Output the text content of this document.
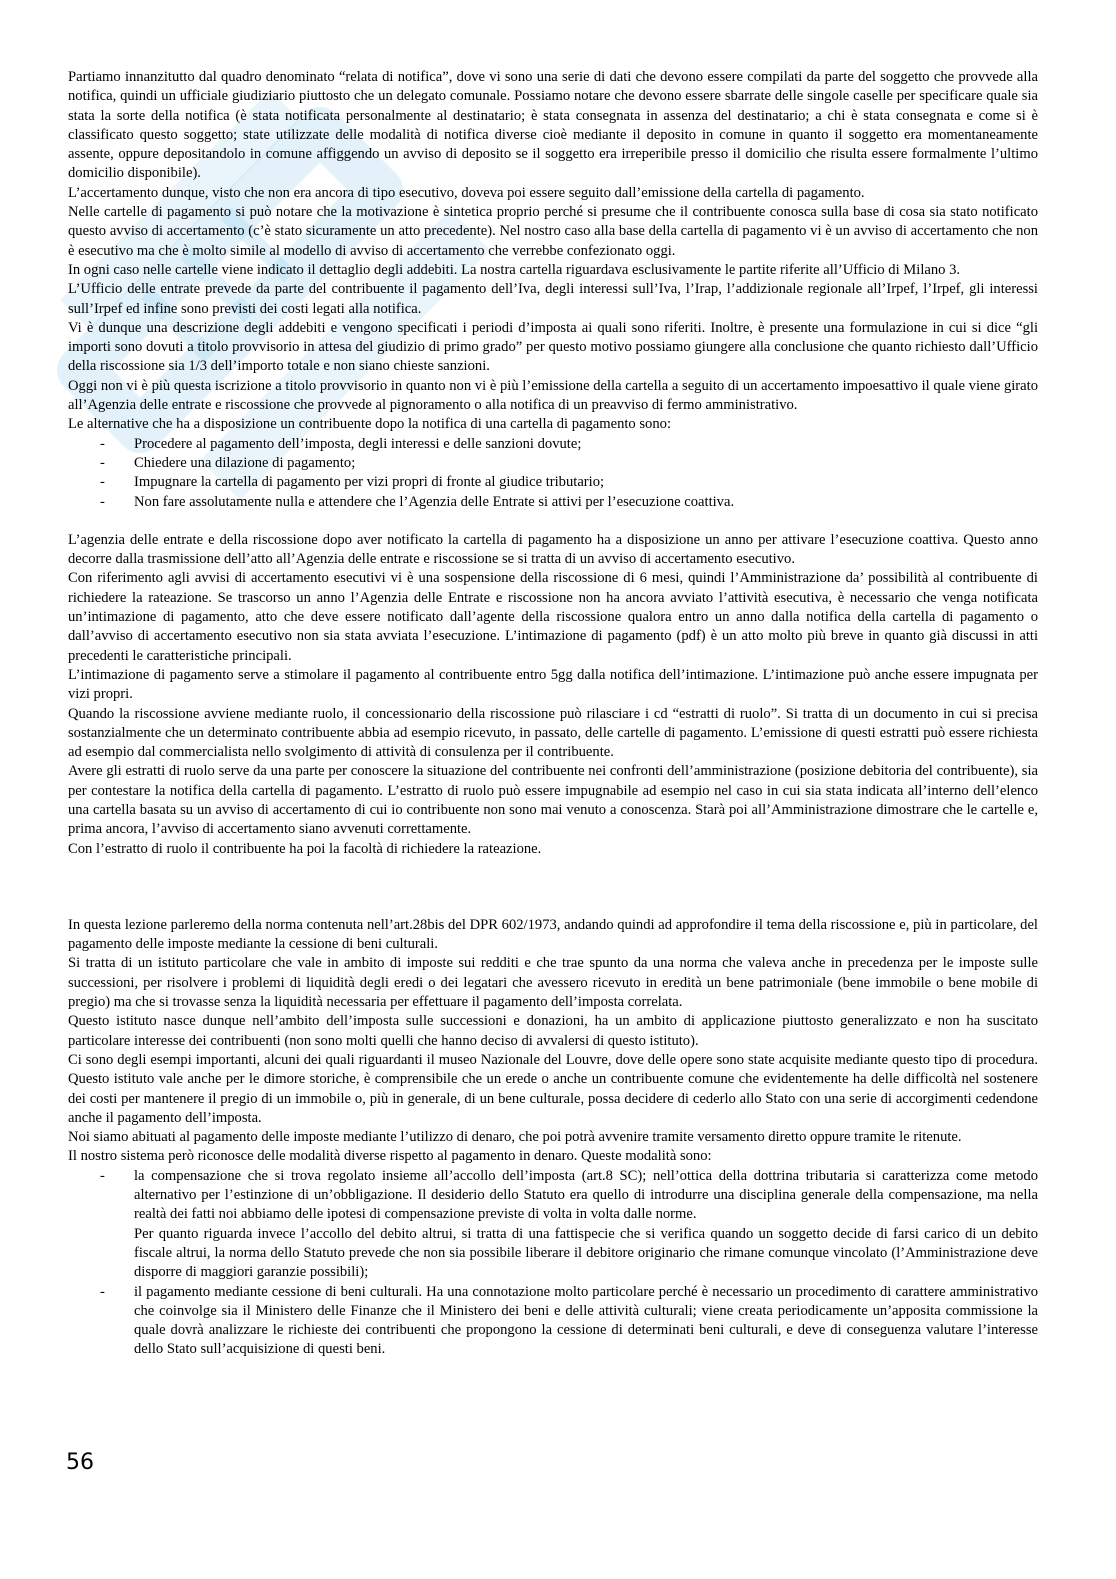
Partiamo innanzitutto dal quadro denominato “relata di notifica”, dove vi sono una serie di dati che devono essere compilati da parte del soggetto che provvede alla notifica, quindi un ufficiale giudiziario piuttosto che un delegato comunale. Possiamo notare che devono essere sbarrate delle singole caselle per specificare quale sia stata la sorte della notifica (è stata notificata personalmente al destinatario; è stata consegnata in assenza del destinatario; a chi è stata consegnata e come si è classificato questo soggetto; state utilizzate delle modalità di notifica diverse cioè mediante il deposito in comune in quanto il soggetto era momentaneamente assente, oppure depositandolo in comune affiggendo un avviso di deposito se il soggetto era irreperibile presso il domicilio che risulta essere formalmente l’ultimo domicilio disponibile).

L’accertamento dunque, visto che non era ancora di tipo esecutivo, doveva poi essere seguito dall’emissione della cartella di pagamento.

Nelle cartelle di pagamento si può notare che la motivazione è sintetica proprio perché si presume che il contribuente conosca sulla base di cosa sia stato notificato questo avviso di accertamento (c’è stato sicuramente un atto precedente). Nel nostro caso alla base della cartella di pagamento vi è un avviso di accertamento che non è esecutivo ma che è molto simile al modello di avviso di accertamento che verrebbe confezionato oggi.

In ogni caso nelle cartelle viene indicato il dettaglio degli addebiti. La nostra cartella riguardava esclusivamente le partite riferite all’Ufficio di Milano 3.

L’Ufficio delle entrate prevede da parte del contribuente il pagamento dell’Iva, degli interessi sull’Iva, l’Irap, l’addizionale regionale all’Irpef, l’Irpef, gli interessi sull’Irpef ed infine sono previsti dei costi legati alla notifica.

Vi è dunque una descrizione degli addebiti e vengono specificati i periodi d’imposta ai quali sono riferiti. Inoltre, è presente una formulazione in cui si dice “gli importi sono dovuti a titolo provvisorio in attesa del giudizio di primo grado” per questo motivo possiamo giungere alla conclusione che quanto richiesto dall’Ufficio della riscossione sia 1/3 dell’importo totale e non siano chieste sanzioni.

Oggi non vi è più questa iscrizione a titolo provvisorio in quanto non vi è più l’emissione della cartella a seguito di un accertamento impoesattivo il quale viene girato all’Agenzia delle entrate e riscossione che provvede al pignoramento o alla notifica di un preavviso di fermo amministrativo.

Le alternative che ha a disposizione un contribuente dopo la notifica di una cartella di pagamento sono:

- Procedere al pagamento dell’imposta, degli interessi e delle sanzioni dovute;
- Chiedere una dilazione di pagamento;
- Impugnare la cartella di pagamento per vizi propri di fronte al giudice tributario;
- Non fare assolutamente nulla e attendere che l’Agenzia delle Entrate si attivi per l’esecuzione coattiva.

L’agenzia delle entrate e della riscossione dopo aver notificato la cartella di pagamento ha a disposizione un anno per attivare l’esecuzione coattiva. Questo anno decorre dalla trasmissione dell’atto all’Agenzia delle entrate e riscossione se si tratta di un avviso di accertamento esecutivo.

Con riferimento agli avvisi di accertamento esecutivi vi è una sospensione della riscossione di 6 mesi, quindi l’Amministrazione da’ possibilità al contribuente di richiedere la rateazione. Se trascorso un anno l’Agenzia delle Entrate e riscossione non ha ancora avviato l’attività esecutiva, è necessario che venga notificata un’intimazione di pagamento, atto che deve essere notificato dall’agente della riscossione qualora entro un anno dalla notifica della cartella di pagamento o dall’avviso di accertamento esecutivo non sia stata avviata l’esecuzione. L’intimazione di pagamento (pdf) è un atto molto più breve in quanto già discussi in atti precedenti le caratteristiche principali.

L’intimazione di pagamento serve a stimolare il pagamento al contribuente entro 5gg dalla notifica dell’intimazione. L’intimazione può anche essere impugnata per vizi propri.

Quando la riscossione avviene mediante ruolo, il concessionario della riscossione può rilasciare i cd “estratti di ruolo”. Si tratta di un documento in cui si precisa sostanzialmente che un determinato contribuente abbia ad esempio ricevuto, in passato, delle cartelle di pagamento. L’emissione di questi estratti può essere richiesta ad esempio dal commercialista nello svolgimento di attività di consulenza per il contribuente.

Avere gli estratti di ruolo serve da una parte per conoscere la situazione del contribuente nei confronti dell’amministrazione (posizione debitoria del contribuente), sia per contestare la notifica della cartella di pagamento. L’estratto di ruolo può essere impugnabile ad esempio nel caso in cui sia stata indicata all’interno dell’elenco una cartella basata su un avviso di accertamento di cui io contribuente non sono mai venuto a conoscenza. Starà poi all’Amministrazione dimostrare che le cartelle e, prima ancora, l’avviso di accertamento siano avvenuti correttamente.

Con l’estratto di ruolo il contribuente ha poi la facoltà di richiedere la rateazione.

In questa lezione parleremo della norma contenuta nell’art.28bis del DPR 602/1973, andando quindi ad approfondire il tema della riscossione e, più in particolare, del pagamento delle imposte mediante la cessione di beni culturali.

Si tratta di un istituto particolare che vale in ambito di imposte sui redditi e che trae spunto da una norma che valeva anche in precedenza per le imposte sulle successioni, per risolvere i problemi di liquidità degli eredi o dei legatari che avessero ricevuto in eredità un bene patrimoniale (bene immobile o bene mobile di pregio) ma che si trovasse senza la liquidità necessaria per effettuare il pagamento dell’imposta correlata.

Questo istituto nasce dunque nell’ambito dell’imposta sulle successioni e donazioni, ha un ambito di applicazione piuttosto generalizzato e non ha suscitato particolare interesse dei contribuenti (non sono molti quelli che hanno deciso di avvalersi di questo istituto).

Ci sono degli esempi importanti, alcuni dei quali riguardanti il museo Nazionale del Louvre, dove delle opere sono state acquisite mediante questo tipo di procedura. Questo istituto vale anche per le dimore storiche, è comprensibile che un erede o anche un contribuente comune che evidentemente ha delle difficoltà nel sostenere dei costi per mantenere il pregio di un immobile o, più in generale, di un bene culturale, possa decidere di cederlo allo Stato con una serie di accorgimenti cedendone anche il pagamento dell’imposta.

Noi siamo abituati al pagamento delle imposte mediante l’utilizzo di denaro, che poi potrà avvenire tramite versamento diretto oppure tramite le ritenute.

Il nostro sistema però riconosce delle modalità diverse rispetto al pagamento in denaro. Queste modalità sono:

- la compensazione che si trova regolato insieme all’accollo dell’imposta (art.8 SC); nell’ottica della dottrina tributaria si caratterizza come metodo alternativo per l’estinzione di un’obbligazione. Il desiderio dello Statuto era quello di introdurre una disciplina generale della compensazione, ma nella realtà dei fatti noi abbiamo delle ipotesi di compensazione previste di volta in volta dalle norme.

Per quanto riguarda invece l’accollo del debito altrui, si tratta di una fattispecie che si verifica quando un soggetto decide di farsi carico di un debito fiscale altrui, la norma dello Statuto prevede che non sia possibile liberare il debitore originario che rimane comunque vincolato (l’Amministrazione deve disporre di maggiori garanzie possibili);

- il pagamento mediante cessione di beni culturali. Ha una connotazione molto particolare perché è necessario un procedimento di carattere amministrativo che coinvolge sia il Ministero delle Finanze che il Ministero dei beni e delle attività culturali; viene creata periodicamente un’apposita commissione la quale dovrà analizzare le richieste dei contribuenti che propongono la cessione di determinati beni culturali, e deve di conseguenza valutare l’interesse dello Stato sull’acquisizione di questi beni.
56
